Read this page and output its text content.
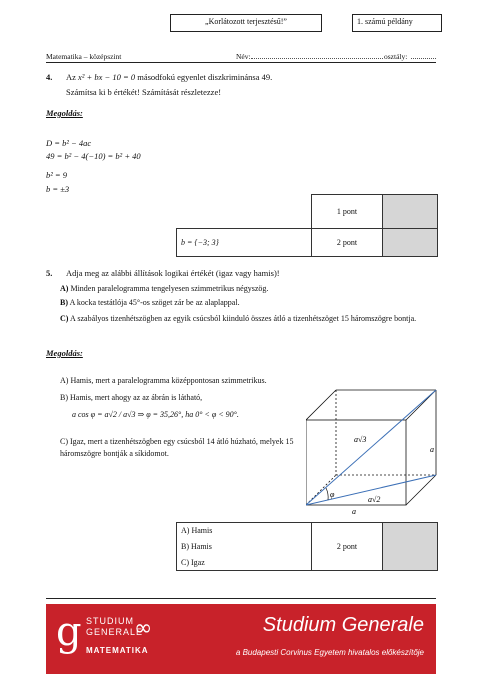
„Korlátozott terjesztésű!”	1. számú példány
Matematika – középszint	Név:	osztály:
4. Az x² + bx − 10 = 0 másodfokú egyenlet diszkriminánsa 49.
Számítsa ki b értékét! Számítását részletezze!
Megoldás:
D = b² − 4ac
49 = b² − 4(−10) = b² + 40
b² = 9
b = ±3
	1 pont	
b = {−3; 3}	2 pont	
5. Adja meg az alábbi állítások logikai értékét (igaz vagy hamis)!
A) Minden paralelogramma tengelyesen szimmetrikus négyszög.
B) A kocka testátlója 45°-os szöget zár be az alaplappal.
C) A szabályos tizenhétszögben az egyik csúcsból kiinduló összes átló a tizenhétszöget 15 háromszögre bontja.
Megoldás:
A) Hamis, mert a paralelogramma középpontosan szimmetrikus.
B) Hamis, mert ahogy az az ábrán is látható,
a cos φ = a√2 / a√3 ⇒ φ = 35,26°, ha 0° < φ < 90°.
C) Igaz, mert a tizenhétszögben egy csúcsból 14 átló húzható, melyek 15 háromszögre bontják a síkidomot.
φ
a√3
a√2
a
a
A) Hamis	2 pont	
B) Hamis
C) Igaz
g STUDIUM
GENERALE
∞
MATEMATIKA
Studium Generale
a Budapesti Corvinus Egyetem hivatalos előkészítője
